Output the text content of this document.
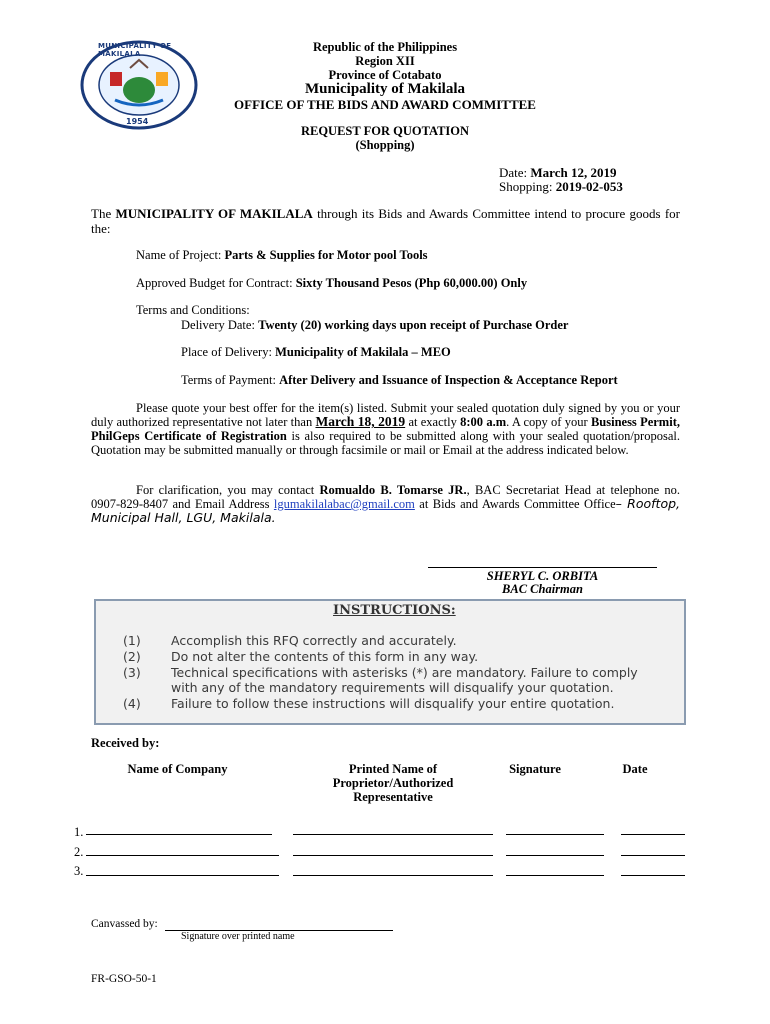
MUNICIPALITY OF MAKILALA
1954
Republic of the Philippines
Region XII
Province of Cotabato
Municipality of Makilala
OFFICE OF THE BIDS AND AWARD COMMITTEE
REQUEST FOR QUOTATION
(Shopping)
Date: March 12, 2019
Shopping: 2019-02-053
The MUNICIPALITY OF MAKILALA through its Bids and Awards Committee intend to procure goods for the:
Name of Project: Parts & Supplies for Motor pool Tools
Approved Budget for Contract: Sixty Thousand Pesos (Php 60,000.00) Only
Terms and Conditions:
Delivery Date: Twenty (20) working days upon receipt of Purchase Order
Place of Delivery: Municipality of Makilala – MEO
Terms of Payment: After Delivery and Issuance of Inspection & Acceptance Report
Please quote your best offer for the item(s) listed. Submit your sealed quotation duly signed by you or your duly authorized representative not later than March 18, 2019 at exactly 8:00 a.m. A copy of your Business Permit, PhilGeps Certificate of Registration is also required to be submitted along with your sealed quotation/proposal. Quotation may be submitted manually or through facsimile or mail or Email at the address indicated below.
For clarification, you may contact Romualdo B. Tomarse JR., BAC Secretariat Head at telephone no. 0907-829-8407 and Email Address lgumakilalabac@gmail.com at Bids and Awards Committee Office– Rooftop, Municipal Hall, LGU, Makilala.
SHERYL C. ORBITA
BAC Chairman
INSTRUCTIONS:
(1) Accomplish this RFQ correctly and accurately.
(2) Do not alter the contents of this form in any way.
(3) Technical specifications with asterisks (*) are mandatory. Failure to comply
with any of the mandatory requirements will disqualify your quotation.
(4) Failure to follow these instructions will disqualify your entire quotation.
Received by:
Name of Company	Printed Name of Proprietor/Authorized Representative
Signature	Date
1.
2.
3.
Canvassed by:
Signature over printed name
FR-GSO-50-1
